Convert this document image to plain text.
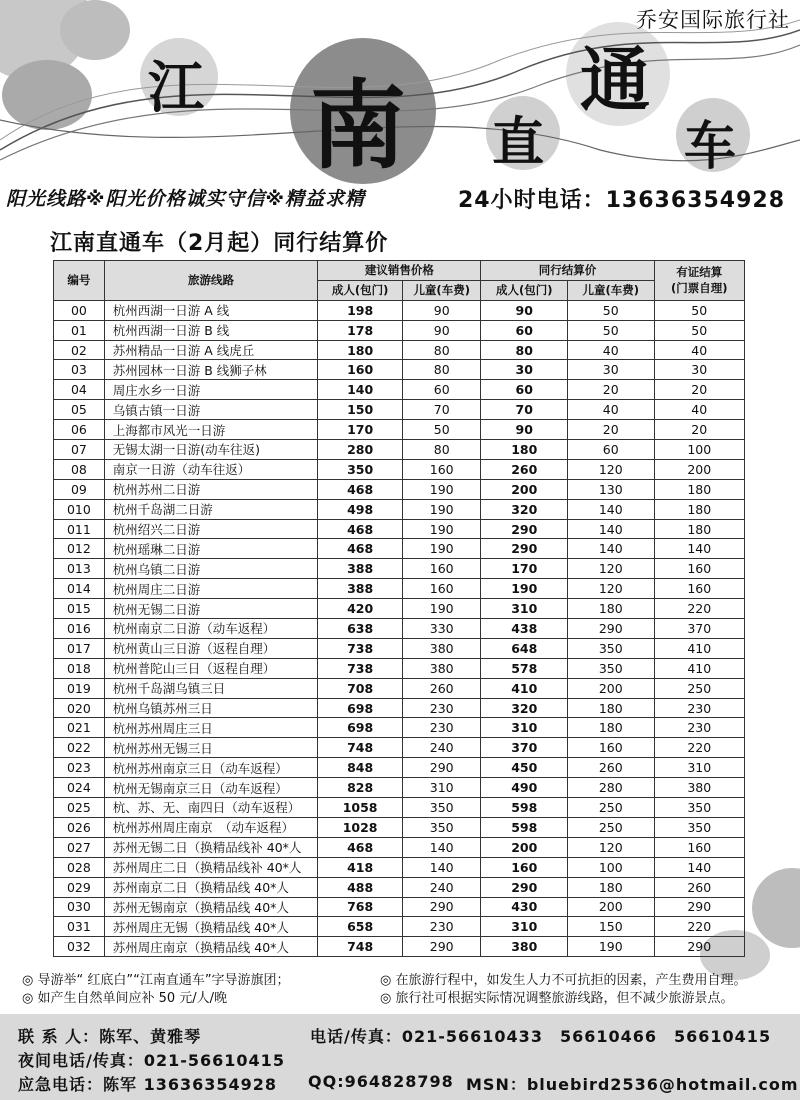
乔安国际旅行社
江 南 直
通
车
阳光线路※阳光价格诚实守信※精益求精	24小时电话：13636354928
江南直通车（2月起）同行结算价
编号	旅游线路	建议销售价格		同行结算价		有证结算
(门票自理)

		成人(包门)	儿童(车费)	成人(包门)	儿童(车费)	
00	杭州西湖一日游 A 线	198	90	90	50	50
01	杭州西湖一日游 B 线	178	90	60	50	50
02	苏州精品一日游 A 线虎丘	180	80	80	40	40
03	苏州园林一日游 B 线狮子林	160	80	30	30	30
04	周庄水乡一日游	140	60	60	20	20
05	乌镇古镇一日游	150	70	70	40	40
06	上海都市风光一日游	170	50	90	20	20
07	无锡太湖一日游(动车往返)	280	80	180	60	100
08	南京一日游（动车往返）	350	160	260	120	200
09	杭州苏州二日游	468	190	200	130	180
010	杭州千岛湖二日游	498	190	320	140	180
011	杭州绍兴二日游	468	190	290	140	180
012	杭州瑶琳二日游	468	190	290	140	140
013	杭州乌镇二日游	388	160	170	120	160
014	杭州周庄二日游	388	160	190	120	160
015	杭州无锡二日游	420	190	310	180	220
016	杭州南京二日游（动车返程）	638	330	438	290	370
017	杭州黄山三日游（返程自理）	738	380	648	350	410
018	杭州普陀山三日（返程自理）	738	380	578	350	410
019	杭州千岛湖乌镇三日	708	260	410	200	250
020	杭州乌镇苏州三日	698	230	320	180	230
021	杭州苏州周庄三日	698	230	310	180	230
022	杭州苏州无锡三日	748	240	370	160	220
023	杭州苏州南京三日（动车返程）	848	290	450	260	310
024	杭州无锡南京三日（动车返程）	828	310	490	280	380
025	杭、苏、无、南四日（动车返程）	1058	350	598	250	350
026	杭州苏州周庄南京　（动车返程）	1028	350	598	250	350
027	苏州无锡二日（换精品线补 40*人	468	140	200	120	160
028	苏州周庄二日（换精品线补 40*人	418	140	160	100	140
029	苏州南京二日（换精品线 40*人	488	240	290	180	260
030	苏州无锡南京（换精品线 40*人	768	290	430	200	290
031	苏州周庄无锡（换精品线 40*人	658	230	310	150	220
032	苏州周庄南京（换精品线 40*人	748	290	380	190	290
◎ 导游举“ 红底白”“江南直通车”字导游旗团；
◎ 如产生自然单间应补 50 元/人/晚
◎ 在旅游行程中，如发生人力不可抗拒的因素，产生费用自理。
◎ 旅行社可根据实际情况调整旅游线路，但不减少旅游景点。
联 系 人：陈军、黄雅琴	电话/传真：021-56610433　56610466　56610415
夜间电话/传真：021-56610415
应急电话：陈军 13636354928 QQ:964828798 MSN：bluebird2536@hotmail.com
